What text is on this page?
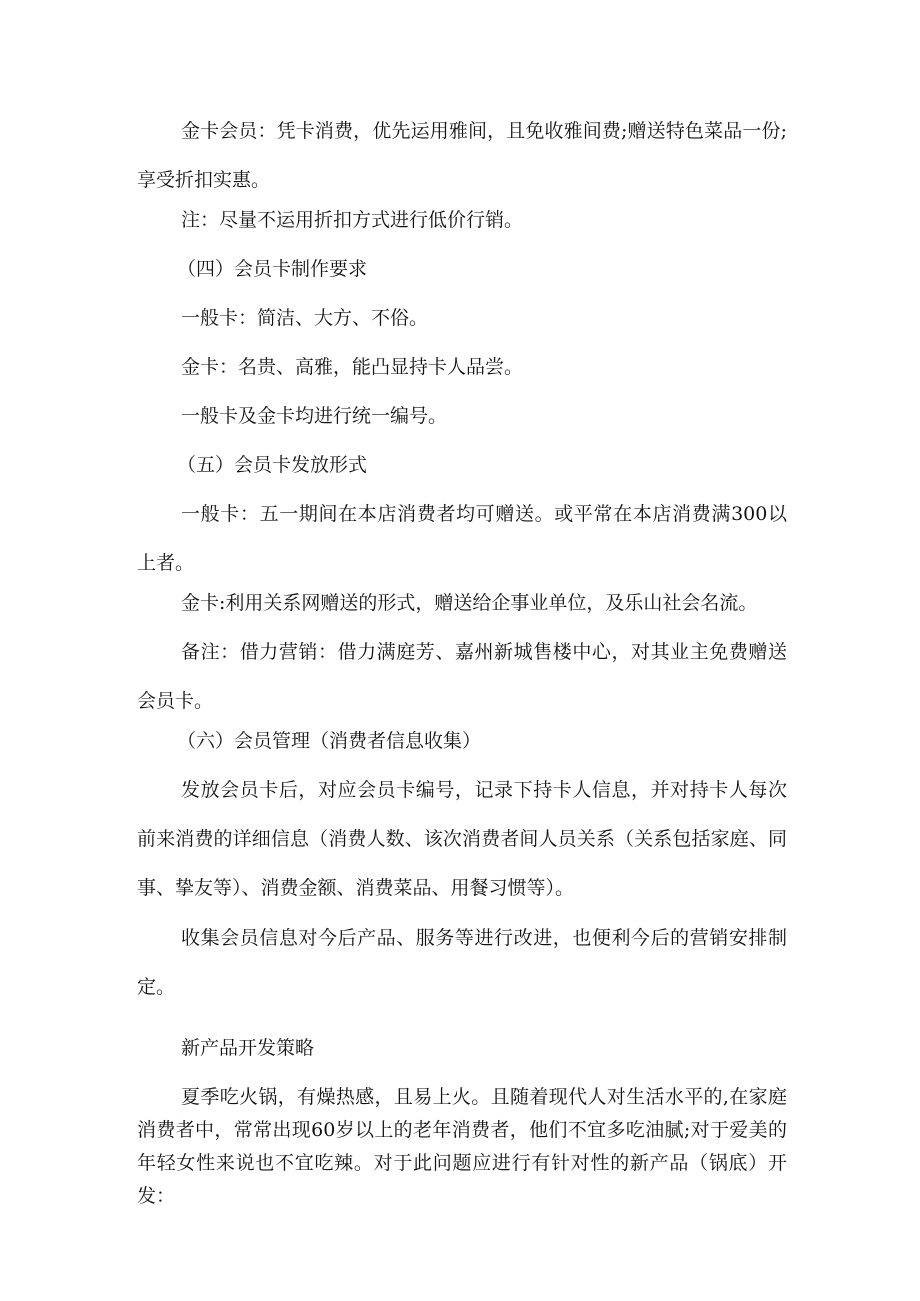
金卡会员：凭卡消费，优先运用雅间，且免收雅间费;赠送特色菜品一份;享受折扣实惠。

注：尽量不运用折扣方式进行低价行销。

（四）会员卡制作要求

一般卡：简洁、大方、不俗。

金卡：名贵、高雅，能凸显持卡人品尝。

一般卡及金卡均进行统一编号。

（五）会员卡发放形式

一般卡：五一期间在本店消费者均可赠送。或平常在本店消费满300以上者。

金卡:利用关系网赠送的形式，赠送给企事业单位，及乐山社会名流。

备注：借力营销：借力满庭芳、嘉州新城售楼中心，对其业主免费赠送会员卡。

（六）会员管理（消费者信息收集）

发放会员卡后，对应会员卡编号，记录下持卡人信息，并对持卡人每次前来消费的详细信息（消费人数、该次消费者间人员关系（关系包括家庭、同事、挚友等）、消费金额、消费菜品、用餐习惯等）。

收集会员信息对今后产品、服务等进行改进，也便利今后的营销安排制定。

新产品开发策略

夏季吃火锅，有燥热感，且易上火。且随着现代人对生活水平的,在家庭消费者中，常常出现60岁以上的老年消费者，他们不宜多吃油腻;对于爱美的年轻女性来说也不宜吃辣。对于此问题应进行有针对性的新产品（锅底）开发：
